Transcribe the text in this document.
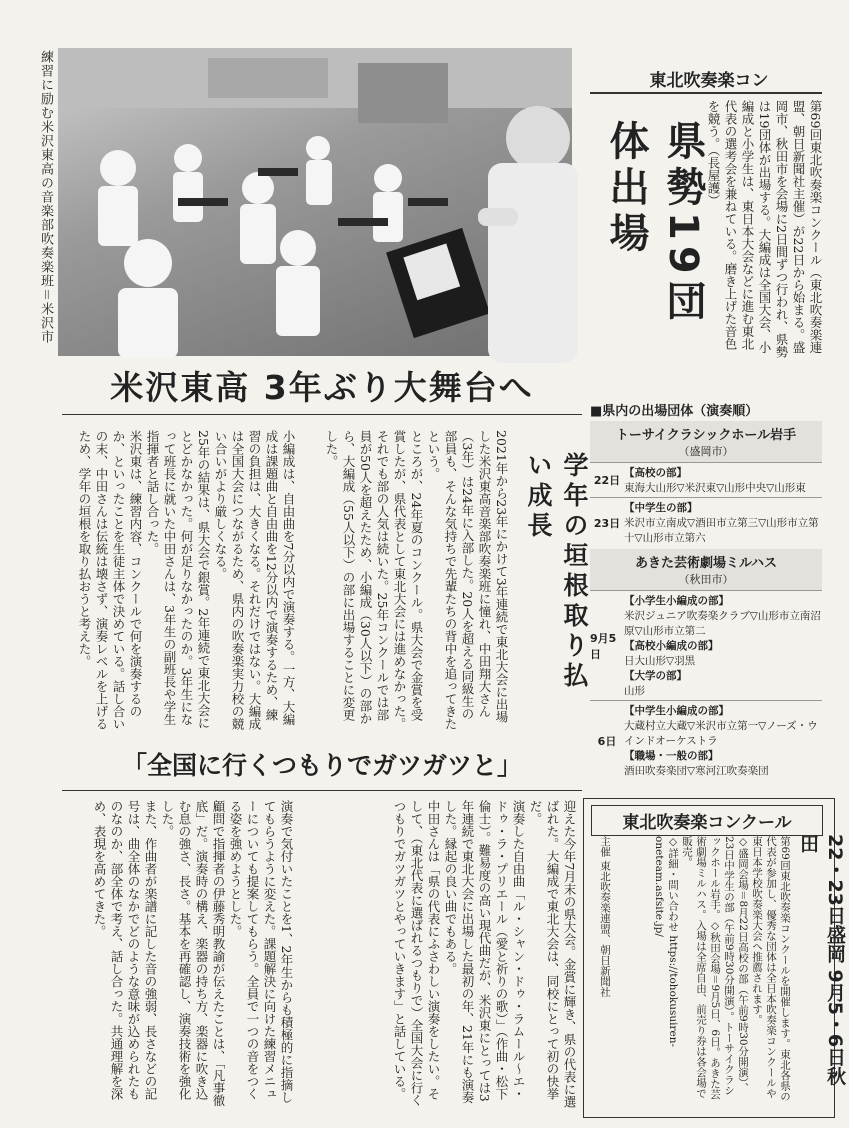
練習に励む米沢東高の音楽部吹奏楽班＝米沢市	東北吹奏楽コン
県勢19団体出場	第69回東北吹奏楽コンクール（東北吹奏楽連盟、朝日新聞社主催）が22日から始まる。盛岡市、秋田市を会場に2日間ずつ行われ、県勢は19団体が出場する。大編成は全国大会、小編成と小学生は、東日本大会などに進む東北代表の選考会を兼ねている。磨き上げた音色を競う。（長屋護）
米沢東高 3年ぶり大舞台へ
学年の垣根取り払い成長
2021年から23年にかけて3年連続で東北大会に出場した米沢東高音楽部吹奏楽班に憧れ、中田翔大さん（3年）は24年に入部した。20人を超える同級生の部員も、そんな気持ちで先輩たちの背中を追ってきたという。
ところが、24年夏のコンクール。県大会で金賞を受賞したが、県代表として東北大会には進めなかった。それでも部の人気は続いた。25年コンクールでは部員が50人を超えたため、小編成（30人以下）の部から、大編成（55人以下）の部に出場することに変更した。
小編成は、自由曲を7分以内で演奏する。一方、大編成は課題曲と自由曲を12分以内で演奏するため、練習の負担は、大きくなる。それだけではない。大編成は全国大会につながるため、県内の吹奏楽実力校の競い合いがより厳しくなる。
25年の結果は、県大会で銀賞。2年連続で東北大会にとどかなかった。何が足りなかったのか。3年生になって班長に就いた中田さんは、3年生の副班長や学生指揮者と話し合った。
米沢東は、練習内容、コンクールで何を演奏するのか、といったことを生徒主体で決めている。話し合いの末、中田さんは伝統は壊さず、演奏レベルを上げるため、学年の垣根を取り払おうと考えた。
「全国に行くつもりでガツガツと」
迎えた今年7月末の県大会。金賞に輝き、県の代表に選ばれた。大編成で東北大会は、同校にとって初の快挙だ。
演奏した自由曲「ル・シャン・ドゥ・ラムール～エ・ドゥ・ラ・プリエール（愛と祈りの歌）」（作曲・松下倫士）。難易度の高い現代曲だが、米沢東にとっては3年連続で東北大会に出場した最初の年、21年にも演奏した。縁起の良い曲でもある。
中田さんは「県の代表にふさわしい演奏をしたい。そして、（東北代表に選ばれるつもりで）全国大会に行くつもりでガツガツとやっていきます」と話している。
演奏で気付いたことを1、2年生からも積極的に指摘してもらうように変えた。課題解決に向けた練習メニューについても提案してもらう。全員で一つの音をつくる姿を強めようとした。
顧問で指揮者の伊藤秀明教諭が伝えたことは、「凡事徹底」だ。演奏時の構え、楽器の持ち方、楽器に吹き込む息の強さ、長さ。基本を再確認し、演奏技術を強化した。
また、作曲者が楽譜に記した音の強弱、長さなどの記号は、曲全体のなかでどのような意味が込められたものなのか、部全体で考え、話し合った。共通理解を深め、表現を高めてきた。
■県内の出場団体（演奏順）
トーサイクラシックホール岩手
（盛岡市）
22日
【高校の部】
東海大山形▽米沢東▽山形中央▽山形東
23日
【中学生の部】
米沢市立南成▽酒田市立第三▽山形市立第十▽山形市立第六
あきた芸術劇場ミルハス
（秋田市）
9月5日
【小学生小編成の部】
米沢ジュニア吹奏楽クラブ▽山形市立南沼原▽山形市立第二
【高校小編成の部】
日大山形▽羽黒
【大学の部】
山形
6日
【中学生小編成の部】
大蔵村立大蔵▽米沢市立第一▽ノーズ・ウインドオーケストラ
【職場・一般の部】
酒田吹奏楽団▽寒河江吹奏楽団
東北吹奏楽コンクール
22・23日盛岡 9月5・6日秋田
第69回東北吹奏楽コンクールを開催します。東北各県の代表が参加し、優秀な団体は全日本吹奏楽コンクールや東日本学校吹奏楽大会へ推薦されます。
◇盛岡会場＝8月22日高校の部（午前9時30分開演）、23日中学生の部（午前9時30分開演）。トーサイクラシックホール岩手。◇秋田会場＝9月5日、6日。あきた芸術劇場ミルハス。入場は全席自由、前売り券は各会場で販売。
◇詳細・問い合わせ https://tohokusuiren-oneteam.asfsite.jp/
主催 東北吹奏楽連盟、朝日新聞社
